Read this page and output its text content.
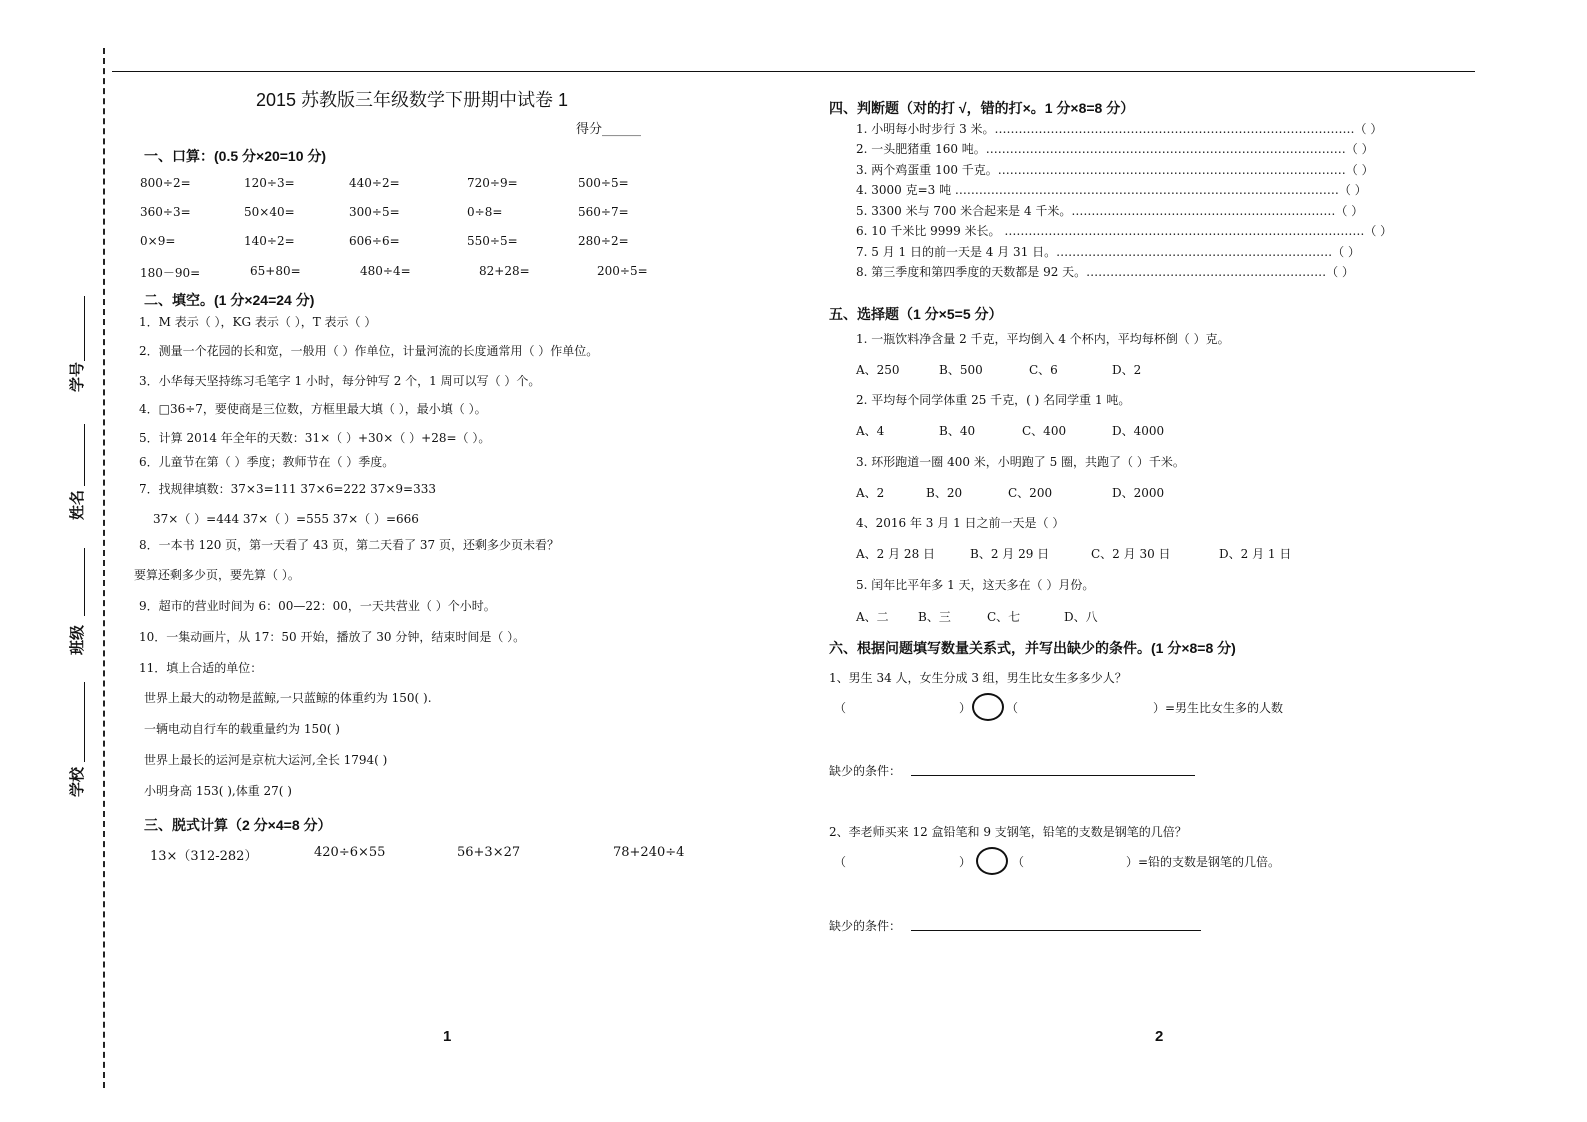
学号
姓名
班级
学校
2015 苏教版三年级数学下册期中试卷 1
得分______
一、口算：(0.5 分×20=10 分)
800÷2=	120÷3=	440÷2=	720÷9=	500÷5=
360÷3=	50×40=	300÷5=	0÷8=	560÷7=
0×9=	140÷2=	606÷6=	550÷5=	280÷2=
180－90=	65+80=	480÷4=	82+28=	200÷5=
二、填空。(1 分×24=24 分)
1．M 表示（ ），KG 表示（ ），T 表示（ ）
2．测量一个花园的长和宽，一般用（ ）作单位，计量河流的长度通常用（ ）作单位。
3．小华每天坚持练习毛笔字 1 小时，每分钟写 2 个，1 周可以写（ ）个。
4．□36÷7，要使商是三位数，方框里最大填（ ），最小填（ ）。
5．计算 2014 年全年的天数：31×（ ）+30×（ ）+28=（ ）。
6．儿童节在第（ ）季度；教师节在（ ）季度。
7．找规律填数：37×3=111 37×6=222 37×9=333
37×（ ）=444 37×（ ）=555 37×（ ）=666
8．一本书 120 页，第一天看了 43 页，第二天看了 37 页，还剩多少页未看？
要算还剩多少页，要先算（ ）。
9．超市的营业时间为 6：00—22：00，一天共营业（ ）个小时。
10．一集动画片，从 17：50 开始，播放了 30 分钟，结束时间是（ ）。
11．填上合适的单位：
世界上最大的动物是蓝鲸,一只蓝鲸的体重约为 150( ).
一辆电动自行车的载重量约为 150( )
世界上最长的运河是京杭大运河,全长 1794( )
小明身高 153( ),体重 27( )
三、脱式计算（2 分×4=8 分）
13×（312-282）	420÷6×55	56+3×27	78+240÷4
1
四、判断题（对的打 √，错的打×。1 分×8=8 分）
1. 小明每小时步行 3 米。………………………………………………………………………………（ ）
2. 一头肥猪重 160 吨。………………………………………………………………………………（ ）
3. 两个鸡蛋重 100 千克。……………………………………………………………………………（ ）
4. 3000 克=3 吨 ……………………………………………………………………………………（ ）
5. 3300 米与 700 米合起来是 4 千米。…………………………………………………………（ ）
6. 10 千米比 9999 米长。 ………………………………………………………………………………（ ）
7. 5 月 1 日的前一天是 4 月 31 日。……………………………………………………………（ ）
8. 第三季度和第四季度的天数都是 92 天。……………………………………………………（ ）
五、选择题（1 分×5=5 分）
1. 一瓶饮料净含量 2 千克，平均倒入 4 个杯内，平均每杯倒（ ）克。
A、250	B、500	C、6	D、2
2. 平均每个同学体重 25 千克，( ) 名同学重 1 吨。
A、4	B、40	C、400	D、4000
3. 环形跑道一圈 400 米，小明跑了 5 圈，共跑了（ ）千米。
A、2	B、20	C、200	D、2000
4、2016 年 3 月 1 日之前一天是（ ）
A、2 月 28 日	B、2 月 29 日	C、2 月 30 日	D、2 月 1 日
5. 闰年比平年多 1 天，这天多在（ ）月份。
A、二 B、三	C、七	D、八
六、根据问题填写数量关系式，并写出缺少的条件。(1 分×8=8 分)
1、男生 34 人，女生分成 3 组，男生比女生多多少人？
（	）	（	）=男生比女生多的人数
缺少的条件：
2、李老师买来 12 盒铅笔和 9 支钢笔，铅笔的支数是钢笔的几倍？
（	）	（	）=铅的支数是钢笔的几倍。
缺少的条件：
2
